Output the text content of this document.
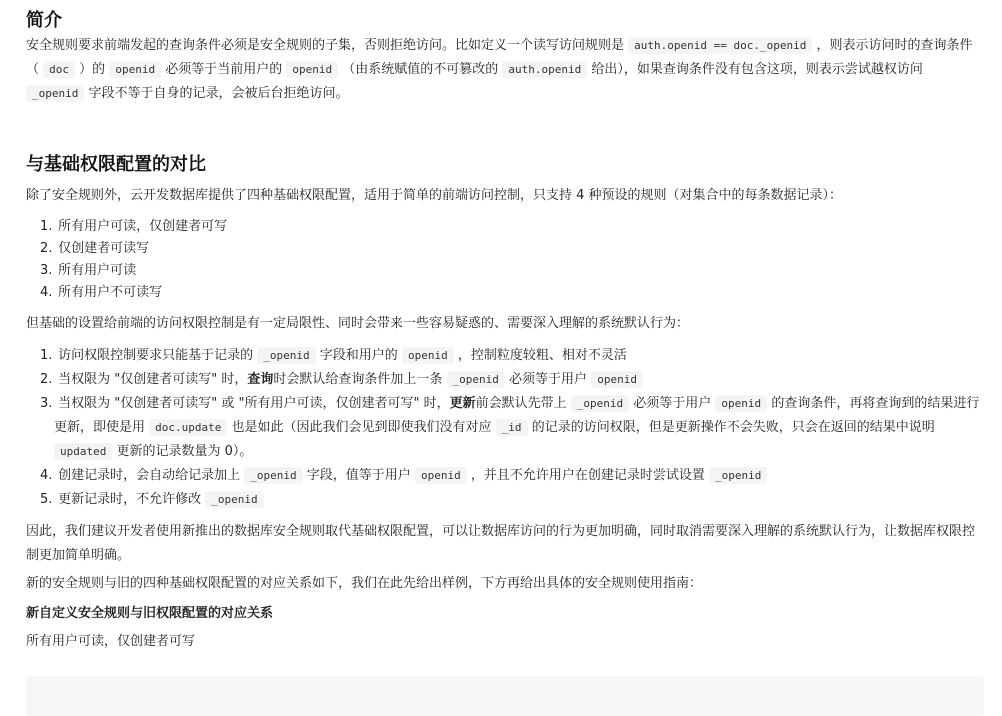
简介

安全规则要求前端发起的查询条件必须是安全规则的子集，否则拒绝访问。比如定义一个读写访问规则是 auth.openid == doc._openid ，则表示访问时的查询条件（ doc ）的 openid 必须等于当前用户的 openid （由系统赋值的不可篡改的 auth.openid 给出），如果查询条件没有包含这项，则表示尝试越权访问 _openid 字段不等于自身的记录，会被后台拒绝访问。

与基础权限配置的对比

除了安全规则外，云开发数据库提供了四种基础权限配置，适用于简单的前端访问控制，只支持 4 种预设的规则（对集合中的每条数据记录）：

1. 所有用户可读，仅创建者可写
2. 仅创建者可读写
3. 所有用户可读
4. 所有用户不可读写

但基础的设置给前端的访问权限控制是有一定局限性、同时会带来一些容易疑惑的、需要深入理解的系统默认行为：

1. 访问权限控制要求只能基于记录的 _openid 字段和用户的 openid ，控制粒度较粗、相对不灵活
2. 当权限为 "仅创建者可读写" 时，查询时会默认给查询条件加上一条 _openid 必须等于用户 openid
3. 当权限为 "仅创建者可读写" 或 "所有用户可读，仅创建者可写" 时，更新前会默认先带上 _openid 必须等于用户 openid 的查询条件，再将查询到的结果进行更新，即使是用 doc.update 也是如此（因此我们会见到即使我们没有对应 _id 的记录的访问权限，但是更新操作不会失败，只会在返回的结果中说明 updated 更新的记录数量为 0）。
4. 创建记录时，会自动给记录加上 _openid 字段，值等于用户 openid ，并且不允许用户在创建记录时尝试设置 _openid
5. 更新记录时，不允许修改 _openid

因此，我们建议开发者使用新推出的数据库安全规则取代基础权限配置，可以让数据库访问的行为更加明确，同时取消需要深入理解的系统默认行为，让数据库权限控制更加简单明确。

新的安全规则与旧的四种基础权限配置的对应关系如下，我们在此先给出样例，下方再给出具体的安全规则使用指南：

新自定义安全规则与旧权限配置的对应关系

所有用户可读，仅创建者可写
